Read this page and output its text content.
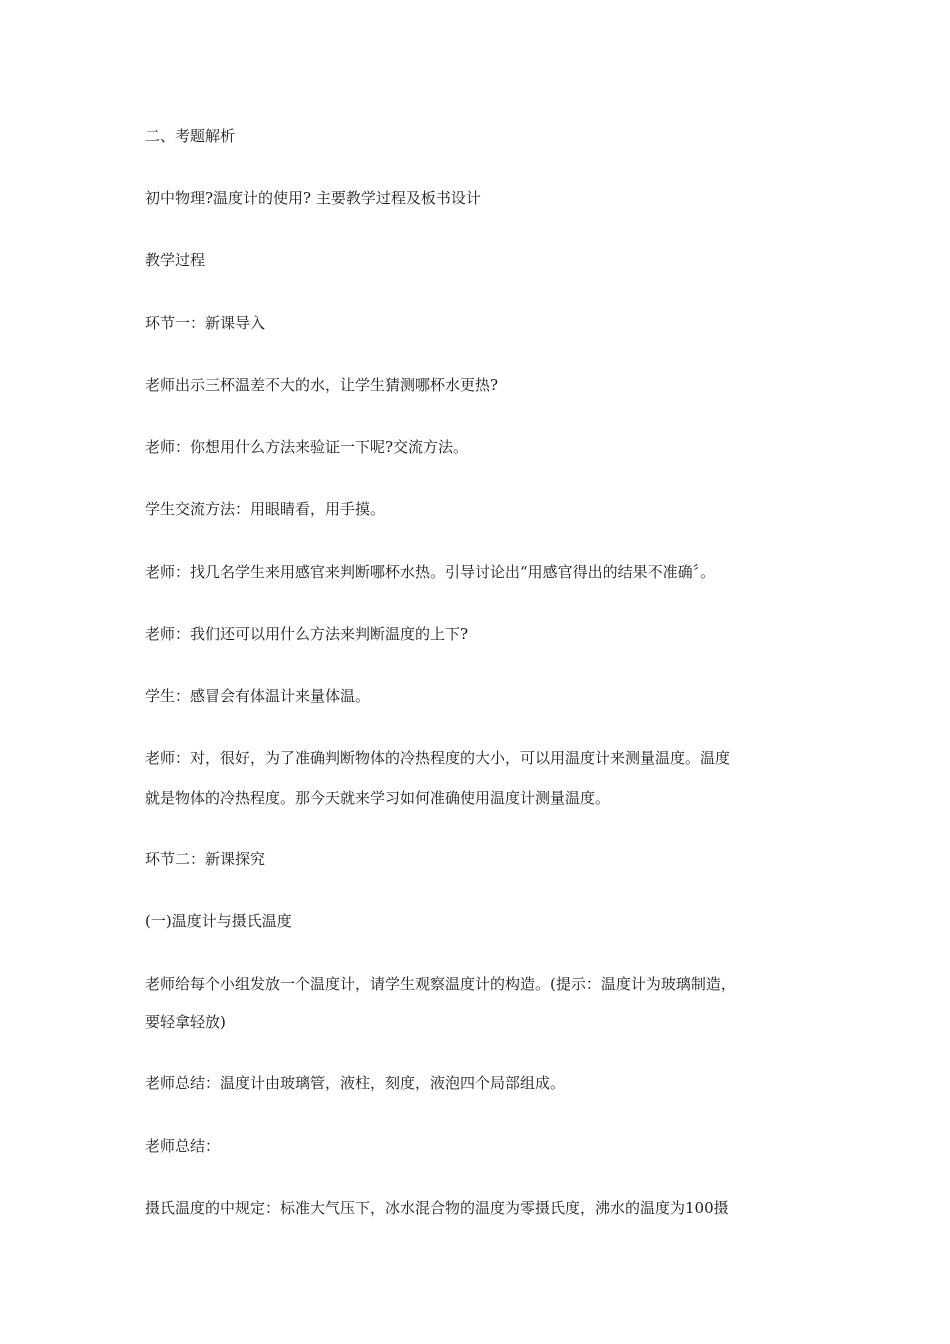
二、考题解析

初中物理?温度计的使用? 主要教学过程及板书设计

教学过程

环节一：新课导入

老师出示三杯温差不大的水，让学生猜测哪杯水更热?

老师：你想用什么方法来验证一下呢?交流方法。

学生交流方法：用眼睛看，用手摸。

老师：找几名学生来用感官来判断哪杯水热。引导讨论出“用感官得出的结果不准确〞。

老师：我们还可以用什么方法来判断温度的上下?

学生：感冒会有体温计来量体温。

老师：对，很好，为了准确判断物体的冷热程度的大小，可以用温度计来测量温度。温度

就是物体的冷热程度。那今天就来学习如何准确使用温度计测量温度。

环节二：新课探究

(一)温度计与摄氏温度

老师给每个小组发放一个温度计，请学生观察温度计的构造。(提示：温度计为玻璃制造，

要轻拿轻放)

老师总结：温度计由玻璃管，液柱，刻度，液泡四个局部组成。

老师总结：

摄氏温度的中规定：标准大气压下，冰水混合物的温度为零摄氏度，沸水的温度为100摄
